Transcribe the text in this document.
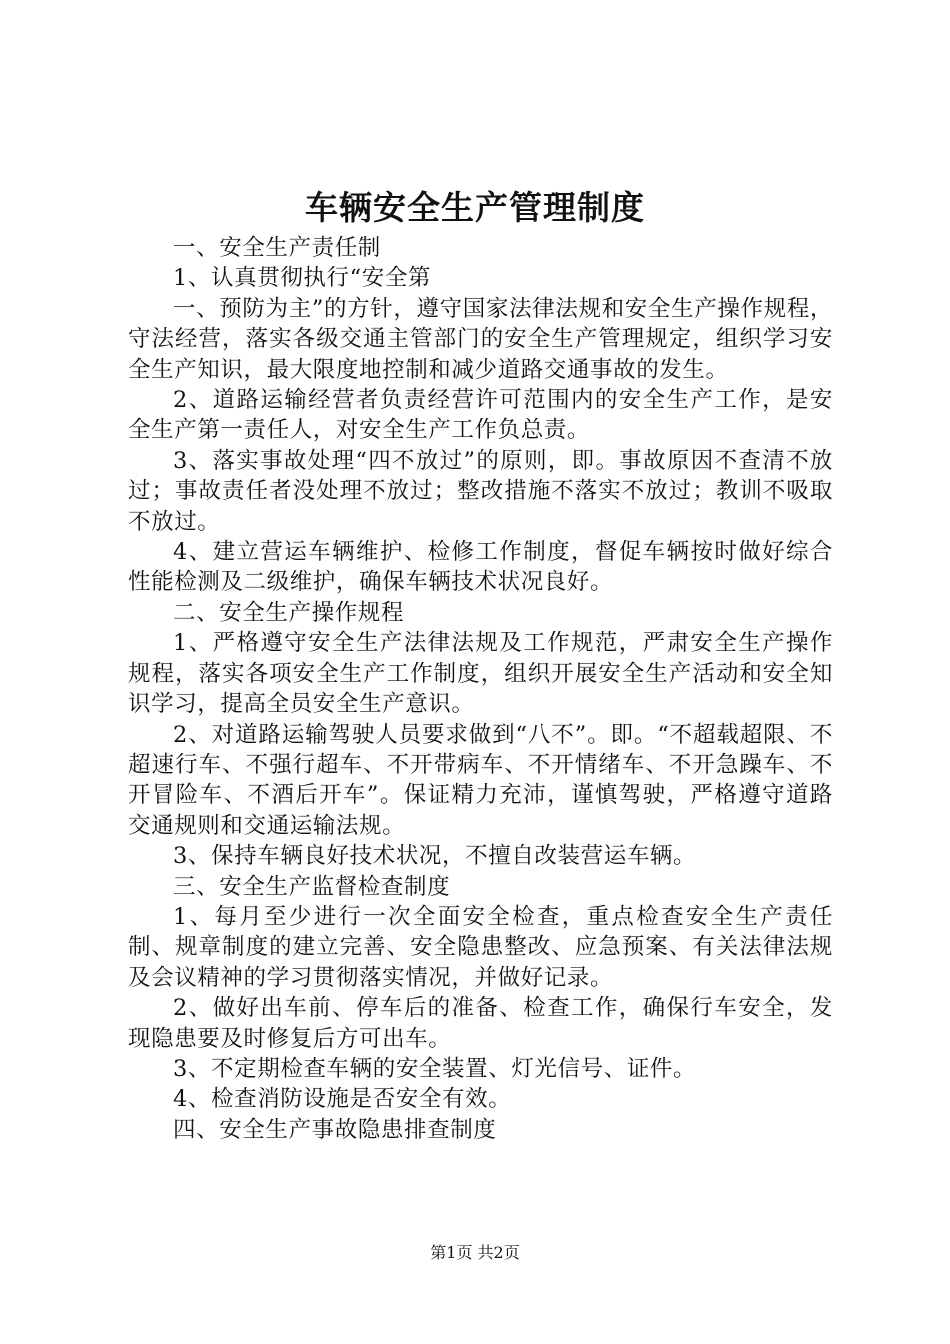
车辆安全生产管理制度

一、安全生产责任制

1、认真贯彻执行“安全第

一、预防为主”的方针，遵守国家法律法规和安全生产操作规程，守法经营，落实各级交通主管部门的安全生产管理规定，组织学习安全生产知识，最大限度地控制和减少道路交通事故的发生。

2、道路运输经营者负责经营许可范围内的安全生产工作，是安全生产第一责任人，对安全生产工作负总责。

3、落实事故处理“四不放过”的原则，即。事故原因不查清不放过；事故责任者没处理不放过；整改措施不落实不放过；教训不吸取不放过。

4、建立营运车辆维护、检修工作制度，督促车辆按时做好综合性能检测及二级维护，确保车辆技术状况良好。

二、安全生产操作规程

1、严格遵守安全生产法律法规及工作规范，严肃安全生产操作规程，落实各项安全生产工作制度，组织开展安全生产活动和安全知识学习，提高全员安全生产意识。

2、对道路运输驾驶人员要求做到“八不”。即。“不超载超限、不超速行车、不强行超车、不开带病车、不开情绪车、不开急躁车、不开冒险车、不酒后开车”。保证精力充沛，谨慎驾驶，严格遵守道路交通规则和交通运输法规。

3、保持车辆良好技术状况，不擅自改装营运车辆。

三、安全生产监督检查制度

1、每月至少进行一次全面安全检查，重点检查安全生产责任制、规章制度的建立完善、安全隐患整改、应急预案、有关法律法规及会议精神的学习贯彻落实情况，并做好记录。

2、做好出车前、停车后的准备、检查工作，确保行车安全，发现隐患要及时修复后方可出车。

3、不定期检查车辆的安全装置、灯光信号、证件。

4、检查消防设施是否安全有效。

四、安全生产事故隐患排查制度

第1页 共2页
